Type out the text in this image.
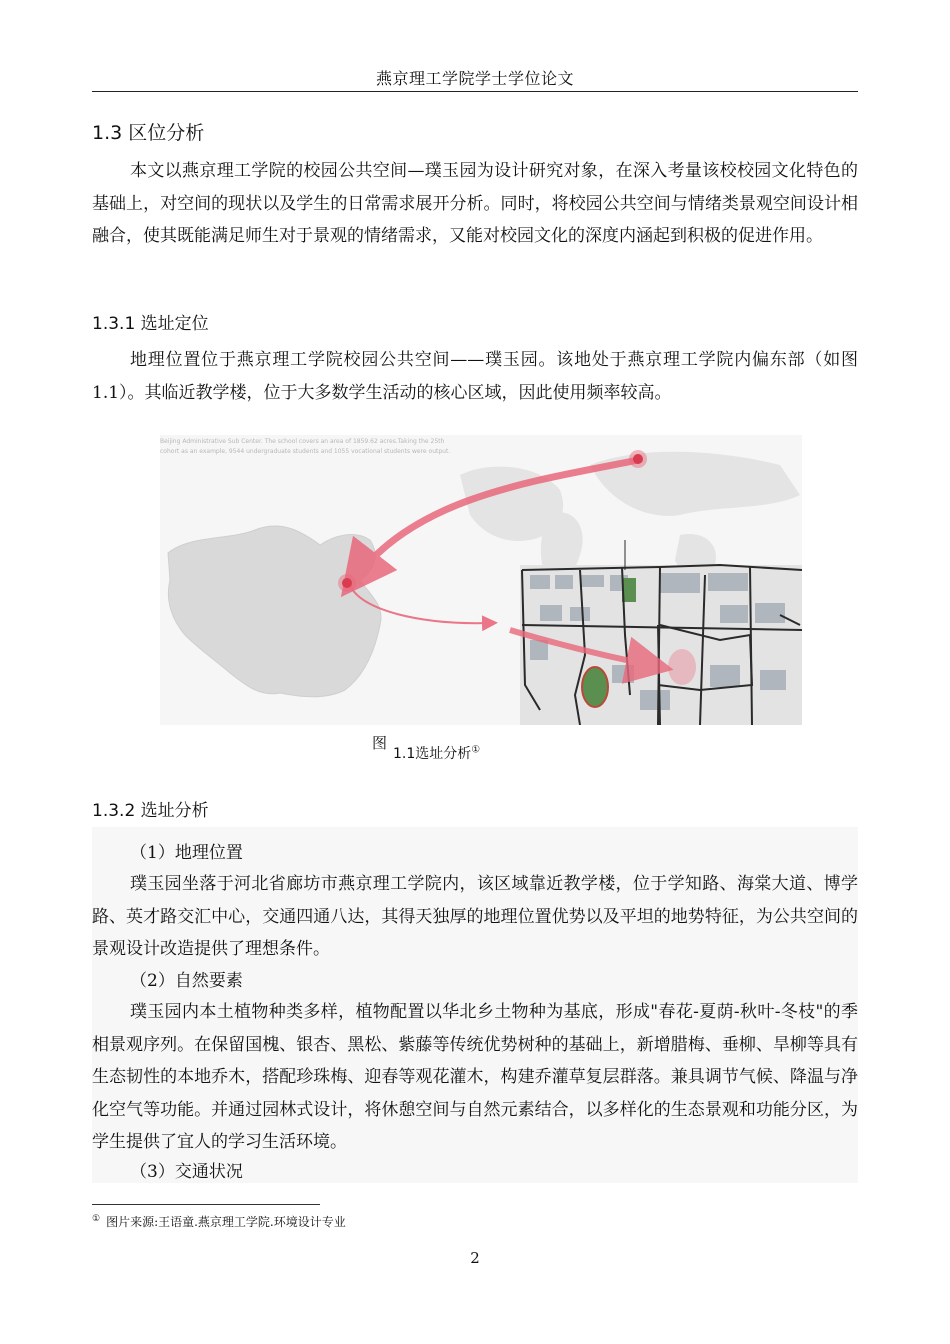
燕京理工学院学士学位论文
1.3 区位分析
本文以燕京理工学院的校园公共空间—璞玉园为设计研究对象，在深入考量该校校园文化特色的基础上，对空间的现状以及学生的日常需求展开分析。同时，将校园公共空间与情绪类景观空间设计相融合，使其既能满足师生对于景观的情绪需求，又能对校园文化的深度内涵起到积极的促进作用。
1.3.1 选址定位
地理位置位于燕京理工学院校园公共空间——璞玉园。该地处于燕京理工学院内偏东部（如图 1.1）。其临近教学楼，位于大多数学生活动的核心区域，因此使用频率较高。
Beijing Administrative Sub Center. The school covers an area of 1859.62 acres.Taking the 25th cohort as an example, 9544 undergraduate students and 1055 vocational students were output.
图1.1选址分析①
1.3.2 选址分析
（1）地理位置
璞玉园坐落于河北省廊坊市燕京理工学院内，该区域靠近教学楼，位于学知路、海棠大道、博学路、英才路交汇中心，交通四通八达，其得天独厚的地理位置优势以及平坦的地势特征，为公共空间的景观设计改造提供了理想条件。
（2）自然要素
璞玉园内本土植物种类多样，植物配置以华北乡土物种为基底，形成"春花-夏荫-秋叶-冬枝"的季相景观序列。在保留国槐、银杏、黑松、紫藤等传统优势树种的基础上，新增腊梅、垂柳、旱柳等具有生态韧性的本地乔木，搭配珍珠梅、迎春等观花灌木，构建乔灌草复层群落。兼具调节气候、降温与净化空气等功能。并通过园林式设计，将休憩空间与自然元素结合，以多样化的生态景观和功能分区，为学生提供了宜人的学习生活环境。
（3）交通状况
① 图片来源:王语童.燕京理工学院.环境设计专业
2
